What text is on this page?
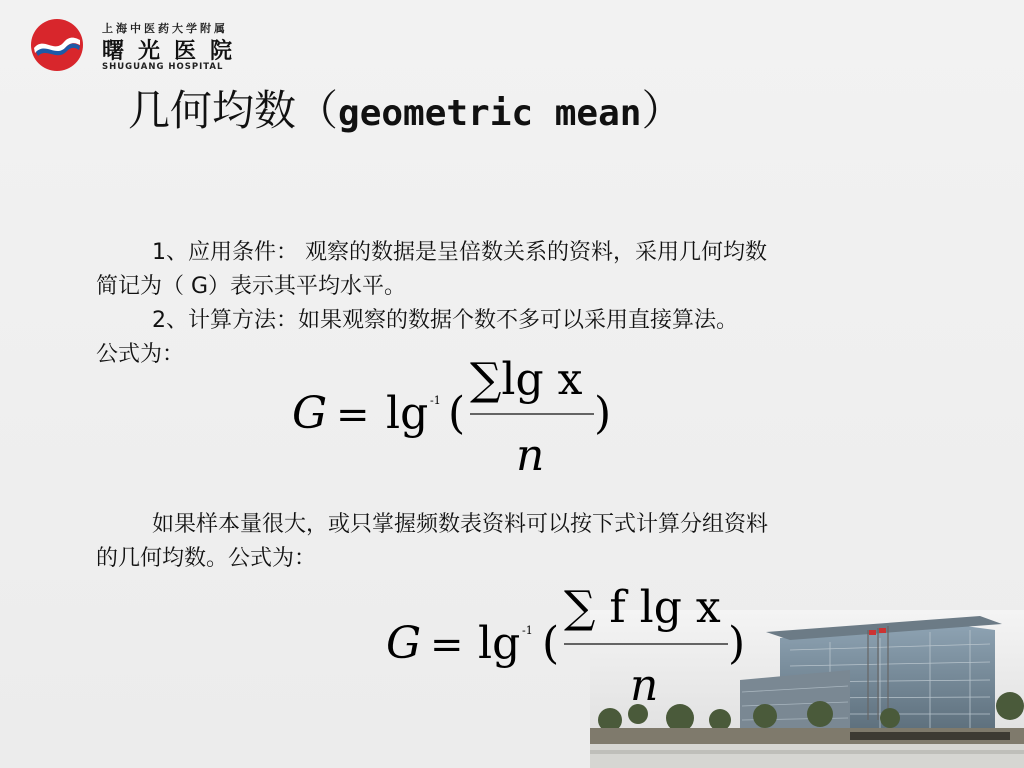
上海中医药大学附属
曙光医院
SHUGUANG HOSPITAL
几何均数（geometric mean）

1、应用条件： 观察的数据是呈倍数关系的资料，采用几何均数

简记为（ G）表示其平均水平。

2、计算方法：如果观察的数据个数不多可以采用直接算法。

公式为：

G = lg -1 (
∑lg x
n
)

如果样本量很大，或只掌握频数表资料可以按下式计算分组资料

的几何均数。公式为：

G = lg -1 (
∑ f lg x
n
)
